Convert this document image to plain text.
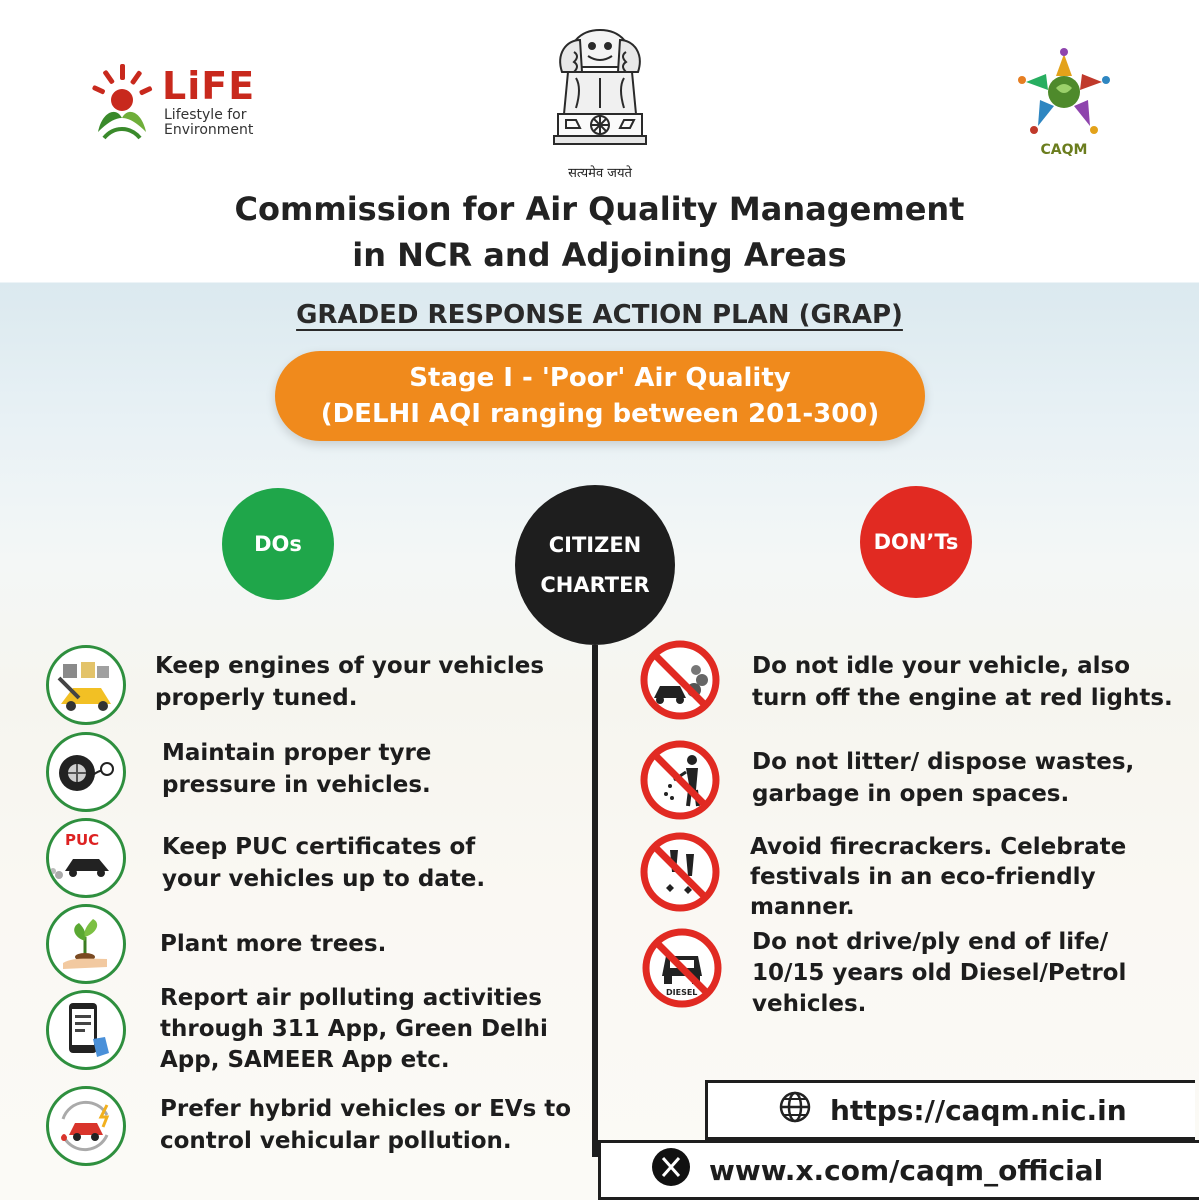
LiFE
Lifestyle for
Environment
सत्यमेव जयते
CAQM
Commission for Air Quality Management
in NCR and Adjoining Areas
GRADED RESPONSE ACTION PLAN (GRAP)
Stage I - 'Poor' Air Quality
(DELHI AQI ranging between 201-300)
DOs	CITIZEN
CHARTER
DON’Ts
Keep engines of your vehicles
properly tuned.
Maintain proper tyre
pressure in vehicles.
PUC	Keep PUC certificates of
your vehicles up to date.
Plant more trees.
Report air polluting activities
through 311 App, Green Delhi
App, SAMEER App etc.
Prefer hybrid vehicles or EVs to
control vehicular pollution.
Do not idle your vehicle, also
turn off the engine at red lights.
Do not litter/ dispose wastes,
garbage in open spaces.
Avoid firecrackers. Celebrate
festivals in an eco-friendly
manner.
DIESEL
Do not drive/ply end of life/
10/15 years old Diesel/Petrol
vehicles.
https://caqm.nic.in
www.x.com/caqm_official
